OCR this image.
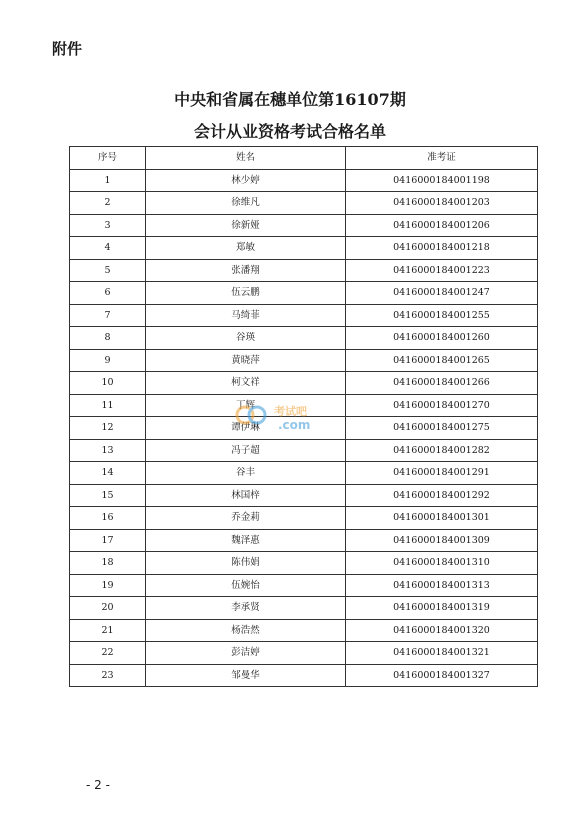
附件
中央和省属在穗单位第16107期
会计从业资格考试合格名单
序号	姓名	准考证
1	林少婷	0416000184001198
2	徐维凡	0416000184001203
3	徐新娅	0416000184001206
4	郑敏	0416000184001218
5	张潘翔	0416000184001223
6	伍云鹏	0416000184001247
7	马绮菲	0416000184001255
8	谷瑛	0416000184001260
9	黄晓萍	0416000184001265
10	柯文祥	0416000184001266
11	丁辉	0416000184001270
12	谭伊琳	0416000184001275
13	冯子超	0416000184001282
14	谷丰	0416000184001291
15	林国梓	0416000184001292
16	乔金莉	0416000184001301
17	魏泽惠	0416000184001309
18	陈伟娟	0416000184001310
19	伍婉怡	0416000184001313
20	李承贤	0416000184001319
21	杨浩然	0416000184001320
22	彭洁婷	0416000184001321
23	邹曼华	0416000184001327
考试吧
.com
- 2 -
